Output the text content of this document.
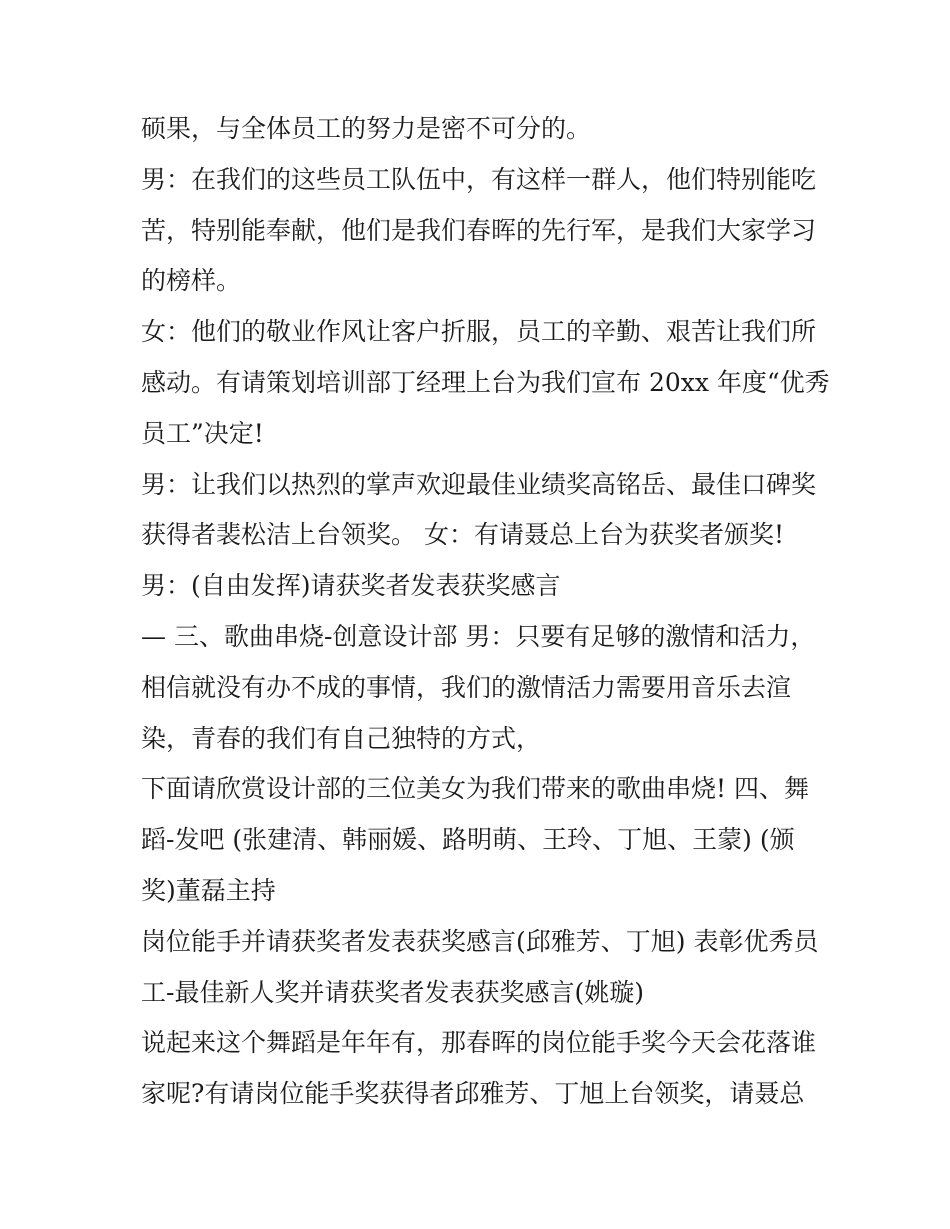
硕果，与全体员工的努力是密不可分的。
男：在我们的这些员工队伍中，有这样一群人，他们特别能吃
苦，特别能奉献，他们是我们春晖的先行军，是我们大家学习
的榜样。
女：他们的敬业作风让客户折服，员工的辛勤、艰苦让我们所
感动。有请策划培训部丁经理上台为我们宣布 20xx 年度“优秀
员工”决定!
男：让我们以热烈的掌声欢迎最佳业绩奖高铭岳、最佳口碑奖
获得者裴松洁上台领奖。 女：有请聂总上台为获奖者颁奖!
男：(自由发挥)请获奖者发表获奖感言
— 三、歌曲串烧-创意设计部 男：只要有足够的激情和活力，
相信就没有办不成的事情，我们的激情活力需要用音乐去渲
染，青春的我们有自己独特的方式，
下面请欣赏设计部的三位美女为我们带来的歌曲串烧! 四、舞
蹈-发吧 (张建清、韩丽媛、路明萌、王玲、丁旭、王蒙) (颁
奖)董磊主持
岗位能手并请获奖者发表获奖感言(邱雅芳、丁旭) 表彰优秀员
工-最佳新人奖并请获奖者发表获奖感言(姚璇)
说起来这个舞蹈是年年有，那春晖的岗位能手奖今天会花落谁
家呢?有请岗位能手奖获得者邱雅芳、丁旭上台领奖，请聂总
